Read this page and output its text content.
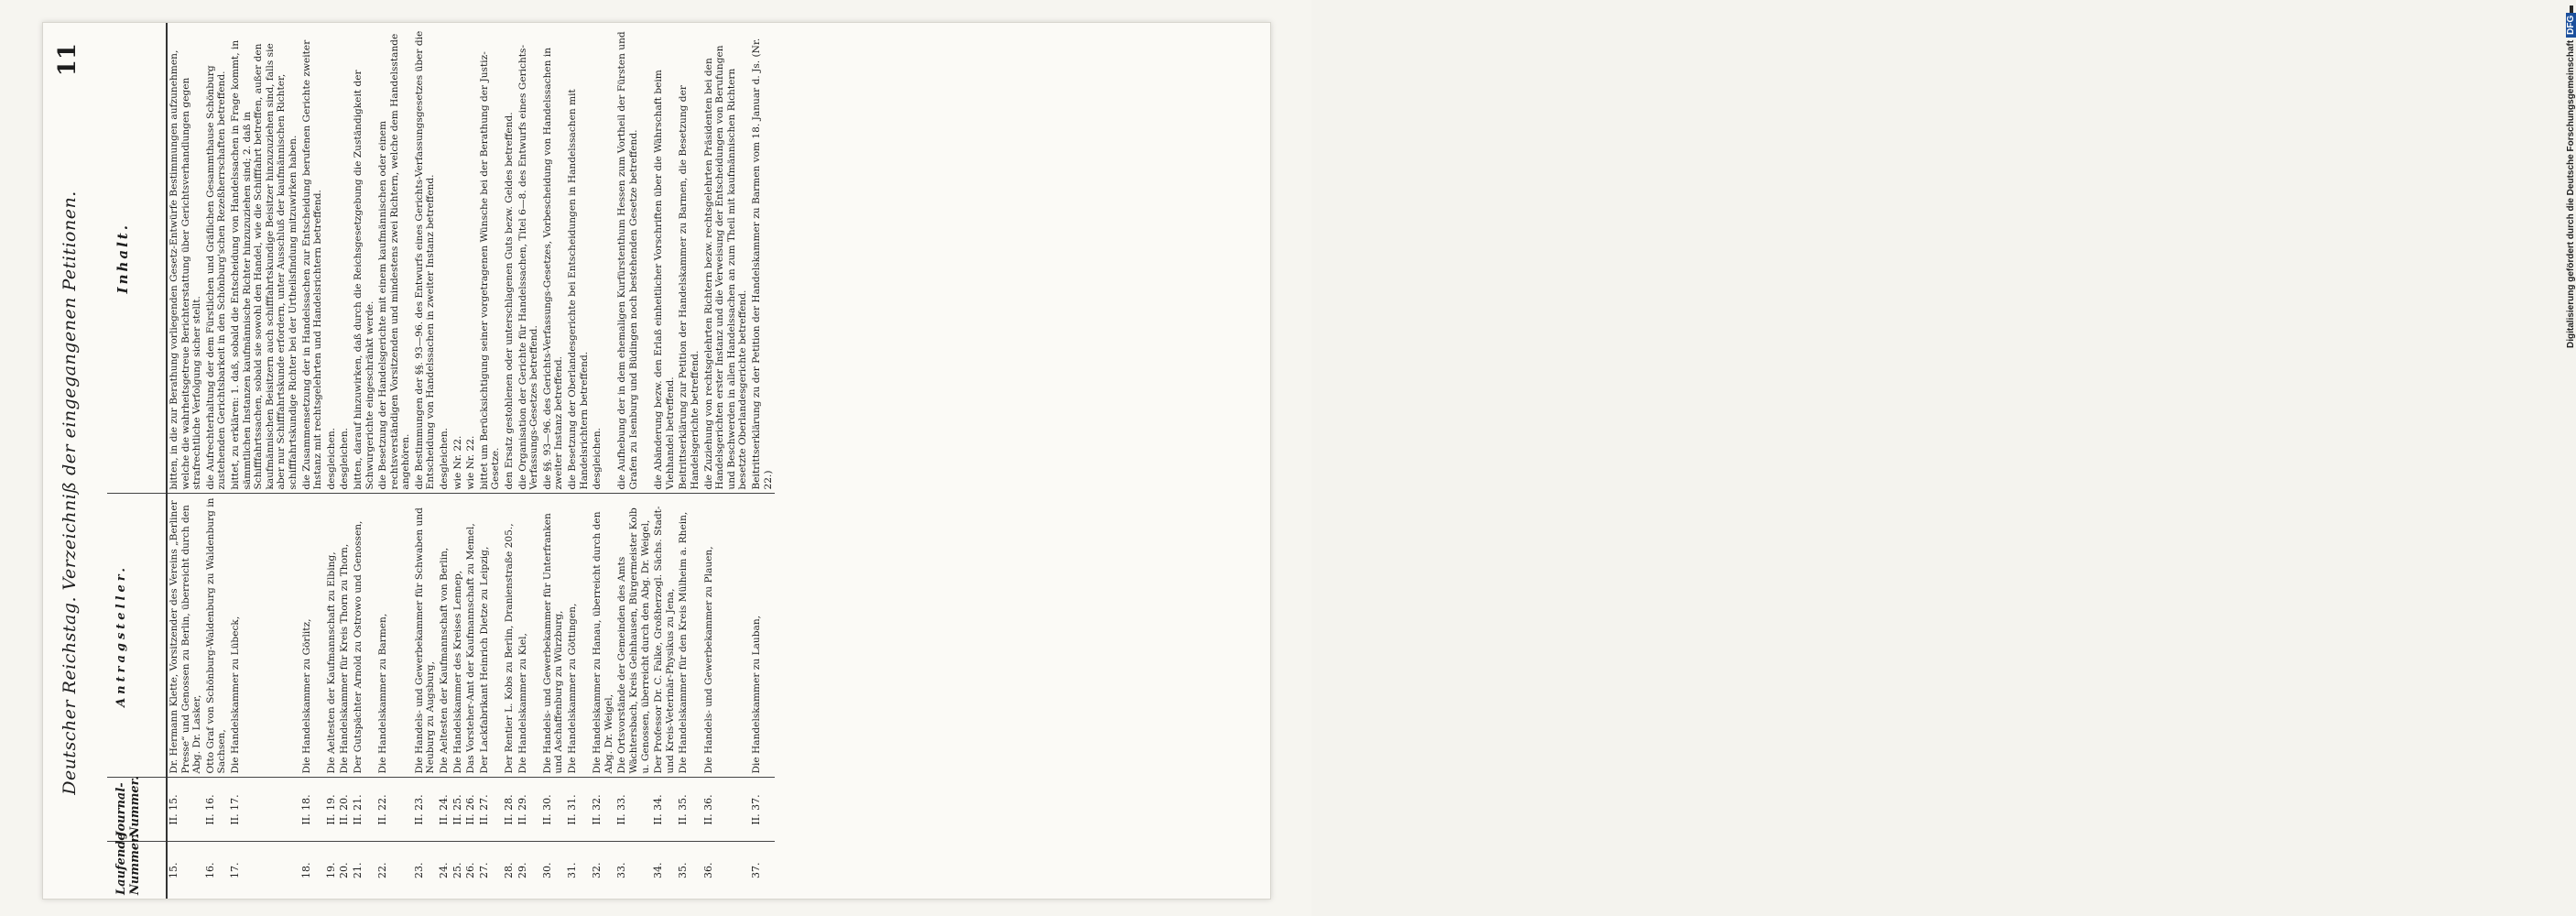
Deutscher Reichstag. Verzeichniß der eingegangenen Petitionen.
11
Laufende Nummer.	Journal-Nummer.	Antragsteller.	Inhalt.
15.	II. 15.	Dr. Hermann Klette, Vorsitzender des Vereins „Berliner Presse“ und Genossen zu Berlin, überreicht durch den Abg. Dr. Lasker,	bitten, in die zur Berathung vorliegenden Gesetz-Entwürfe Bestimmungen aufzunehmen, welche die wahrheitsgetreue Berichterstattung über Gerichtsverhandlungen gegen strafrechtliche Verfolgung sicher stellt.
16.	II. 16.	Otto Graf von Schönburg-Waldenburg zu Waldenburg in Sachsen,	die Aufrechterhaltung der dem Fürstlichen und Gräflichen Gesammthause Schönburg zustehenden Gerichtsbarkeit in den Schönburg'schen Rezeßherrschaften betreffend.
17.	II. 17.	Die Handelskammer zu Lübeck,	bittet, zu erklären: 1. daß, sobald die Entscheidung von Handelssachen in Frage kommt, in sämmtlichen Instanzen kaufmännische Richter hinzuzuziehen sind; 2. daß in Schifffahrtssachen, sobald sie sowohl den Handel, wie die Schifffahrt betreffen, außer den kaufmännischen Beisitzern auch schifffahrtskundige Beisitzer hinzuzuziehen sind, falls sie aber nur Schifffahrtskunde erfordern, unter Ausschluß der kaufmännischen Richter, schifffahrtskundige Richter bei der Urtheilsfindung mitzuwirken haben.
18.	II. 18.	Die Handelskammer zu Görlitz,	die Zusammensetzung der in Handelssachen zur Entscheidung berufenen Gerichte zweiter Instanz mit rechtsgelehrten und Handelsrichtern betreffend.
19.	II. 19.	Die Aeltesten der Kaufmannschaft zu Elbing,	desgleichen.
20.	II. 20.	Die Handelskammer für Kreis Thorn zu Thorn,	desgleichen.
21.	II. 21.	Der Gutspächter Arnold zu Ostrowo und Genossen,	bitten, darauf hinzuwirken, daß durch die Reichsgesetzgebung die Zuständigkeit der Schwurgerichte eingeschränkt werde.
22.	II. 22.	Die Handelskammer zu Barmen,	die Besetzung der Handelsgerichte mit einem kaufmännischen oder einem rechtsverständigen Vorsitzenden und mindestens zwei Richtern, welche dem Handelsstande angehören.
23.	II. 23.	Die Handels- und Gewerbekammer für Schwaben und Neuburg zu Augsburg,	die Bestimmungen der §§. 93—96. des Entwurfs eines Gerichts-Verfassungsgesetzes über die Entscheidung von Handelssachen in zweiter Instanz betreffend.
24.	II. 24.	Die Aeltesten der Kaufmannschaft von Berlin,	desgleichen.
25.	II. 25.	Die Handelskammer des Kreises Lennep,	wie Nr. 22.
26.	II. 26.	Das Vorsteher-Amt der Kaufmannschaft zu Memel,	wie Nr. 22.
27.	II. 27.	Der Lackfabrikant Heinrich Dietze zu Leipzig,	bittet um Berücksichtigung seiner vorgetragenen Wünsche bei der Berathung der Justiz-Gesetze.
28.	II. 28.	Der Rentier L. Kobs zu Berlin, Dranienstraße 205.,	den Ersatz gestohlenen oder unterschlagenen Guts bezw. Geldes betreffend.
29.	II. 29.	Die Handelskammer zu Kiel,	die Organisation der Gerichte für Handelssachen, Titel 6—8. des Entwurfs eines Gerichts-Verfassungs-Gesetzes betreffend.
30.	II. 30.	Die Handels- und Gewerbekammer für Unterfranken und Aschaffenburg zu Würzburg,	die §§. 93—96. des Gerichts-Verfassungs-Gesetzes, Vorbescheidung von Handelssachen in zweiter Instanz betreffend.
31.	II. 31.	Die Handelskammer zu Göttingen,	die Besetzung der Oberlandesgerichte bei Entscheidungen in Handelssachen mit Handelsrichtern betreffend.
32.	II. 32.	Die Handelskammer zu Hanau, überreicht durch den Abg. Dr. Weigel,	desgleichen.
33.	II. 33.	Die Ortsvorstände der Gemeinden des Amts Wächtersbach, Kreis Gelnhausen, Bürgermeister Kolb u. Genossen, überreicht durch den Abg. Dr. Weigel,	die Aufhebung der in dem ehemaligen Kurfürstenthum Hessen zum Vortheil der Fürsten und Grafen zu Isenburg und Büdingen noch bestehenden Gesetze betreffend.
34.	II. 34.	Der Professor Dr. C. Falke, Großherzogl. Sächs. Stadt- und Kreis-Veterinär-Physikus zu Jena,	die Abänderung bezw. den Erlaß einheitlicher Vorschriften über die Währschaft beim Viehhandel betreffend.
35.	II. 35.	Die Handelskammer für den Kreis Mülheim a. Rhein,	Beitrittserklärung zur Petition der Handelskammer zu Barmen, die Besetzung der Handelsgerichte betreffend.
36.	II. 36.	Die Handels- und Gewerbekammer zu Plauen,	die Zuziehung von rechtsgelehrten Richtern bezw. rechtsgelehrten Präsidenten bei den Handelsgerichten erster Instanz und die Verweisung der Entscheidungen von Berufungen und Beschwerden in allen Handelssachen an zum Theil mit kaufmännischen Richtern besetzte Oberlandesgerichte betreffend.
37.	II. 37.	Die Handelskammer zu Lauban,	Beitrittserklärung zu der Petition der Handelskammer zu Barmen vom 18. Januar d. Js. (Nr. 22.)
Digitalisierung gefördert durch die Deutsche ForschungsgemeinschaftDFG
